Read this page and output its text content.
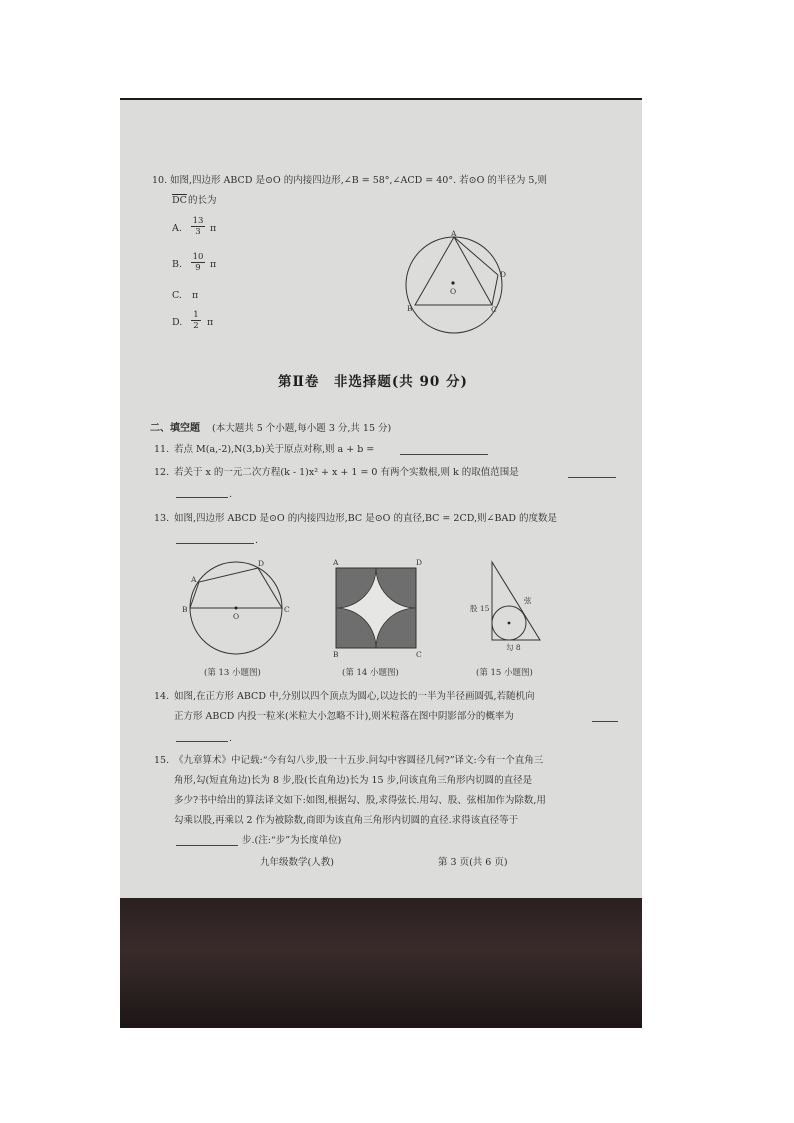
10. 如图,四边形 ABCD 是⊙O 的内接四边形,∠B = 58°,∠ACD = 40°. 若⊙O 的半径为 5,则
$\overline{DC}$ 的长为
A.
13
3 π
B.
10
9 π
C. π
D.
1
2 π
A
B	C
D
O
第Ⅱ卷　非选择题(共 90 分)
二、填空题 (本大题共 5 个小题,每小题 3 分,共 15 分)
11. 若点 M(a,-2),N(3,b)关于原点对称,则 a + b =
12. 若关于 x 的一元二次方程(k - 1)x² + x + 1 = 0 有两个实数根,则 k 的取值范围是
.
13. 如图,四边形 ABCD 是⊙O 的内接四边形,BC 是⊙O 的直径,BC = 2CD,则∠BAD 的度数是
.
A
B	C
D
O
(第 13 小题图)
A	D
B	C
(第 14 小题图)
股 15
弦
勾 8
(第 15 小题图)
14. 如图,在正方形 ABCD 中,分别以四个顶点为圆心,以边长的一半为半径画圆弧,若随机向
正方形 ABCD 内投一粒米(米粒大小忽略不计),则米粒落在图中阴影部分的概率为
.
15. 《九章算术》中记载:“今有勾八步,股一十五步.问勾中容圆径几何?”译文:今有一个直角三
角形,勾(短直角边)长为 8 步,股(长直角边)长为 15 步,问该直角三角形内切圆的直径是
多少?书中给出的算法译文如下:如图,根据勾、股,求得弦长.用勾、股、弦相加作为除数,用
勾乘以股,再乘以 2 作为被除数,商即为该直角三角形内切圆的直径.求得该直径等于
步.(注:“步”为长度单位)
九年级数学(人教)	第 3 页(共 6 页)
